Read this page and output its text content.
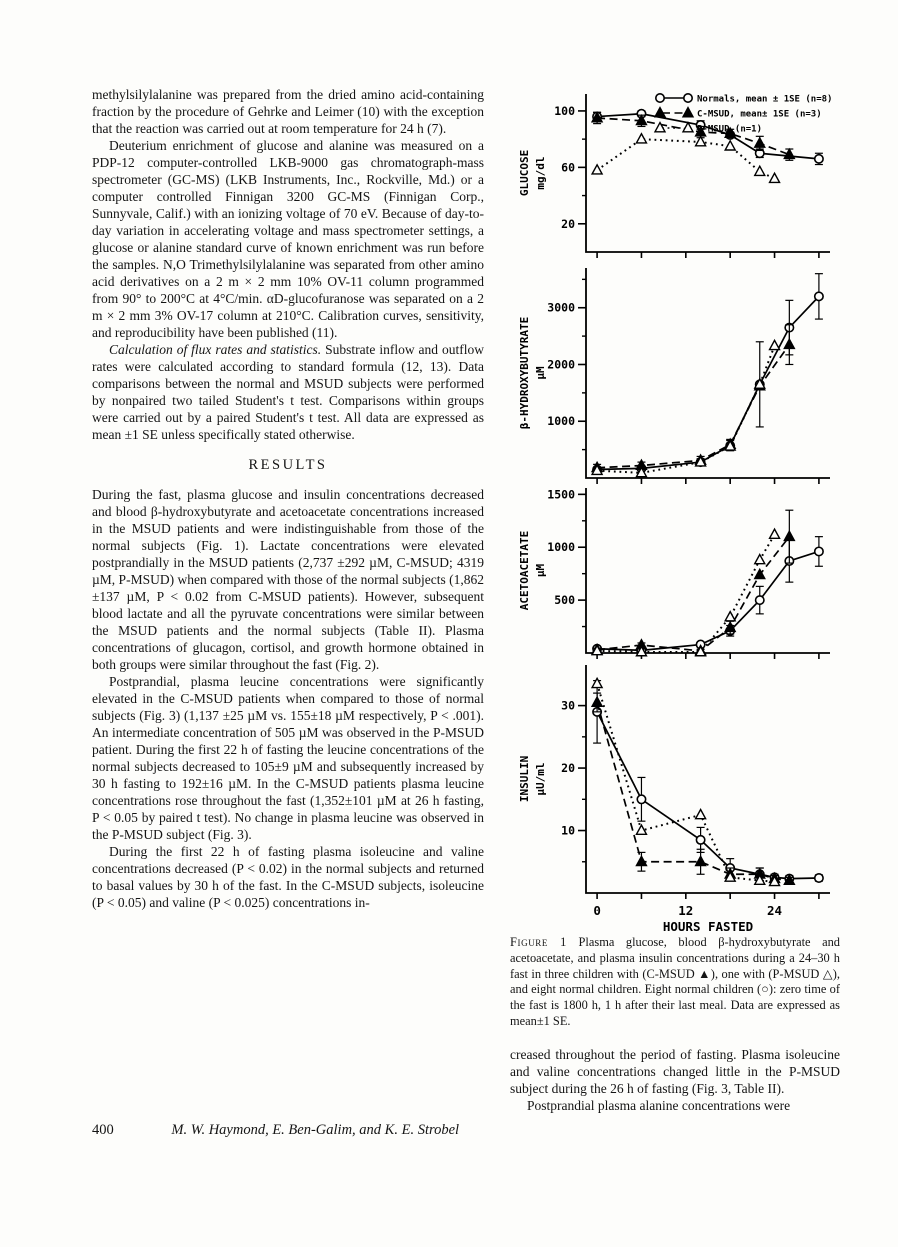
methylsilylalanine was prepared from the dried amino acid-containing fraction by the procedure of Gehrke and Leimer (10) with the exception that the reaction was carried out at room temperature for 24 h (7).

Deuterium enrichment of glucose and alanine was measured on a PDP-12 computer-controlled LKB-9000 gas chromatograph-mass spectrometer (GC-MS) (LKB Instruments, Inc., Rockville, Md.) or a computer controlled Finnigan 3200 GC-MS (Finnigan Corp., Sunnyvale, Calif.) with an ionizing voltage of 70 eV. Because of day-to-day variation in accelerating voltage and mass spectrometer settings, a glucose or alanine standard curve of known enrichment was run before the samples. N,O Trimethylsilylalanine was separated from other amino acid derivatives on a 2 m × 2 mm 10% OV-11 column programmed from 90° to 200°C at 4°C/min. αD-glucofuranose was separated on a 2 m × 2 mm 3% OV-17 column at 210°C. Calibration curves, sensitivity, and reproducibility have been published (11).

Calculation of flux rates and statistics. Substrate inflow and outflow rates were calculated according to standard formula (12, 13). Data comparisons between the normal and MSUD subjects were performed by nonpaired two tailed Student's t test. Comparisons within groups were carried out by a paired Student's t test. All data are expressed as mean ±1 SE unless specifically stated otherwise.

RESULTS

During the fast, plasma glucose and insulin concentrations decreased and blood β-hydroxybutyrate and acetoacetate concentrations increased in the MSUD patients and were indistinguishable from those of the normal subjects (Fig. 1). Lactate concentrations were elevated postprandially in the MSUD patients (2,737 ±292 µM, C-MSUD; 4319 µM, P-MSUD) when compared with those of the normal subjects (1,862 ±137 µM, P < 0.02 from C-MSUD patients). However, subsequent blood lactate and all the pyruvate concentrations were similar between the MSUD patients and the normal subjects (Table II). Plasma concentrations of glucagon, cortisol, and growth hormone obtained in both groups were similar throughout the fast (Fig. 2).

Postprandial, plasma leucine concentrations were significantly elevated in the C-MSUD patients when compared to those of normal subjects (Fig. 3) (1,137 ±25 µM vs. 155±18 µM respectively, P < .001). An intermediate concentration of 505 µM was observed in the P-MSUD patient. During the first 22 h of fasting the leucine concentrations of the normal subjects decreased to 105±9 µM and subsequently increased by 30 h fasting to 192±16 µM. In the C-MSUD patients plasma leucine concentrations rose throughout the fast (1,352±101 µM at 26 h fasting, P < 0.05 by paired t test). No change in plasma leucine was observed in the P-MSUD subject (Fig. 3).

During the first 22 h of fasting plasma isoleucine and valine concentrations decreased (P < 0.02) in the normal subjects and returned to basal values by 30 h of the fast. In the C-MSUD subjects, isoleucine (P < 0.05) and valine (P < 0.025) concentrations in-

20
60
100
GLUCOSE mg/dl
Normals, mean ± 1SE (n=8)
C-MSUD, mean± 1SE (n=3)
P-MSUD,(n=1)
1000
2000
3000
β-HYDROXYBUTYRATE µM
500
1000
1500
ACETOACETATE µM
10
20
30
INSULIN µU/ml
0	12	24
HOURS FASTED

Figure 1 Plasma glucose, blood β-hydroxybutyrate and acetoacetate, and plasma insulin concentrations during a 24–30 h fast in three children with (C-MSUD ▲), one with (P-MSUD △), and eight normal children. Eight normal children (○): zero time of the fast is 1800 h, 1 h after their last meal. Data are expressed as mean±1 SE.

creased throughout the period of fasting. Plasma isoleucine and valine concentrations changed little in the P-MSUD subject during the 26 h of fasting (Fig. 3, Table II).

Postprandial plasma alanine concentrations were

400	M. W. Haymond, E. Ben-Galim, and K. E. Strobel
